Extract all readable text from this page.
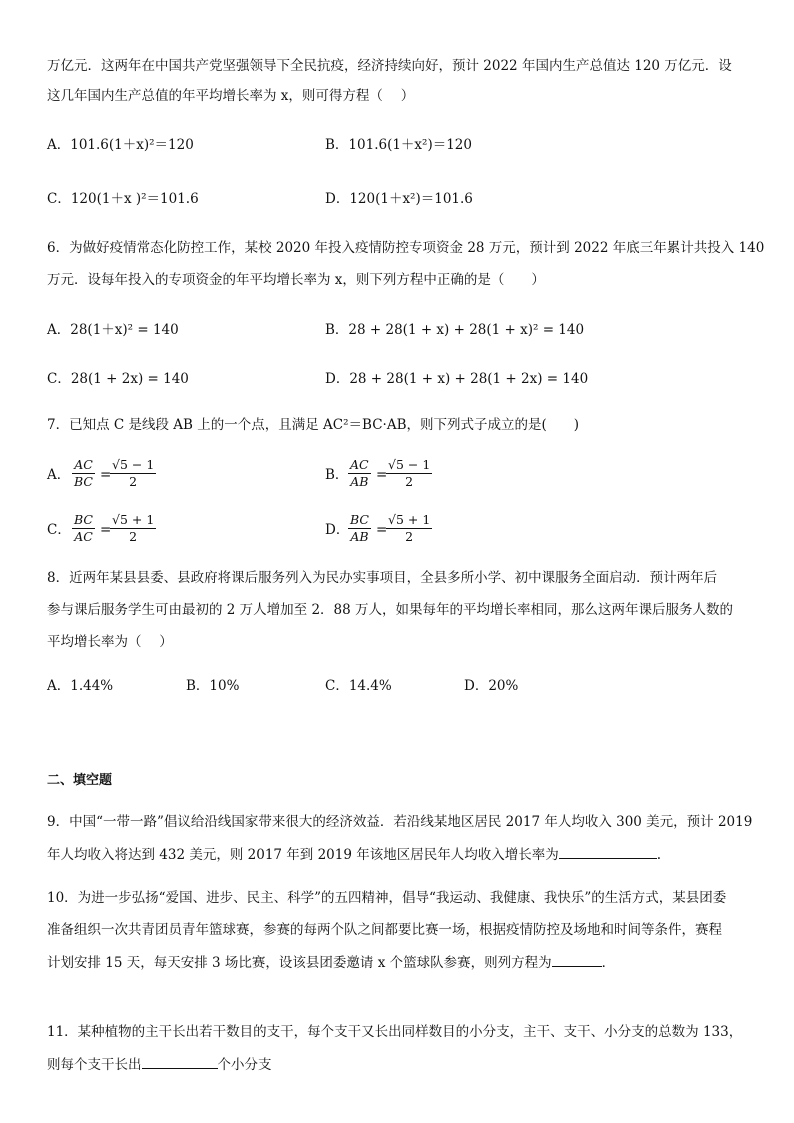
万亿元．这两年在中国共产党坚强领导下全民抗疫，经济持续向好，预计 2022 年国内生产总值达 120 万亿元．设
这几年国内生产总值的年平均增长率为 x，则可得方程（　 ）
A．101.6(1＋x)²＝120	B．101.6(1＋x²)＝120
C．120(1＋x )²＝101.6	D．120(1＋x²)＝101.6
6．为做好疫情常态化防控工作，某校 2020 年投入疫情防控专项资金 28 万元，预计到 2022 年底三年累计共投入 140
万元．设每年投入的专项资金的年平均增长率为 x，则下列方程中正确的是（　　）
A．28(1＋x)² = 140	B．28 + 28(1 + x) + 28(1 + x)² = 140
C．28(1 + 2x) = 140	D．28 + 28(1 + x) + 28(1 + 2x) = 140
7．已知点 C 是线段 AB 上的一个点，且满足 AC²＝BC·AB，则下列式子成立的是(　　)
A．
AC
BC =
√5 − 1
2	B．
AC
AB =
√5 − 1
2
C．
BC
AC =
√5 + 1
2	D．
BC
AB =
√5 + 1
2
8．近两年某县县委、县政府将课后服务列入为民办实事项目，全县多所小学、初中课服务全面启动．预计两年后
参与课后服务学生可由最初的 2 万人增加至 2．88 万人，如果每年的平均增长率相同，那么这两年课后服务人数的
平均增长率为（　 ）
A．1.44%	B．10%	C．14.4%	D．20%
二、填空题
9．中国“一带一路”倡议给沿线国家带来很大的经济效益．若沿线某地区居民 2017 年人均收入 300 美元，预计 2019
年人均收入将达到 432 美元，则 2017 年到 2019 年该地区居民年人均收入增长率为	.
10．为进一步弘扬“爱国、进步、民主、科学”的五四精神，倡导“我运动、我健康、我快乐”的生活方式，某县团委
准备组织一次共青团员青年篮球赛，参赛的每两个队之间都要比赛一场，根据疫情防控及场地和时间等条件，赛程
计划安排 15 天，每天安排 3 场比赛，设该县团委邀请 x 个篮球队参赛，则列方程为	．
11．某种植物的主干长出若干数目的支干，每个支干又长出同样数目的小分支，主干、支干、小分支的总数为 133，
则每个支干长出	个小分支
